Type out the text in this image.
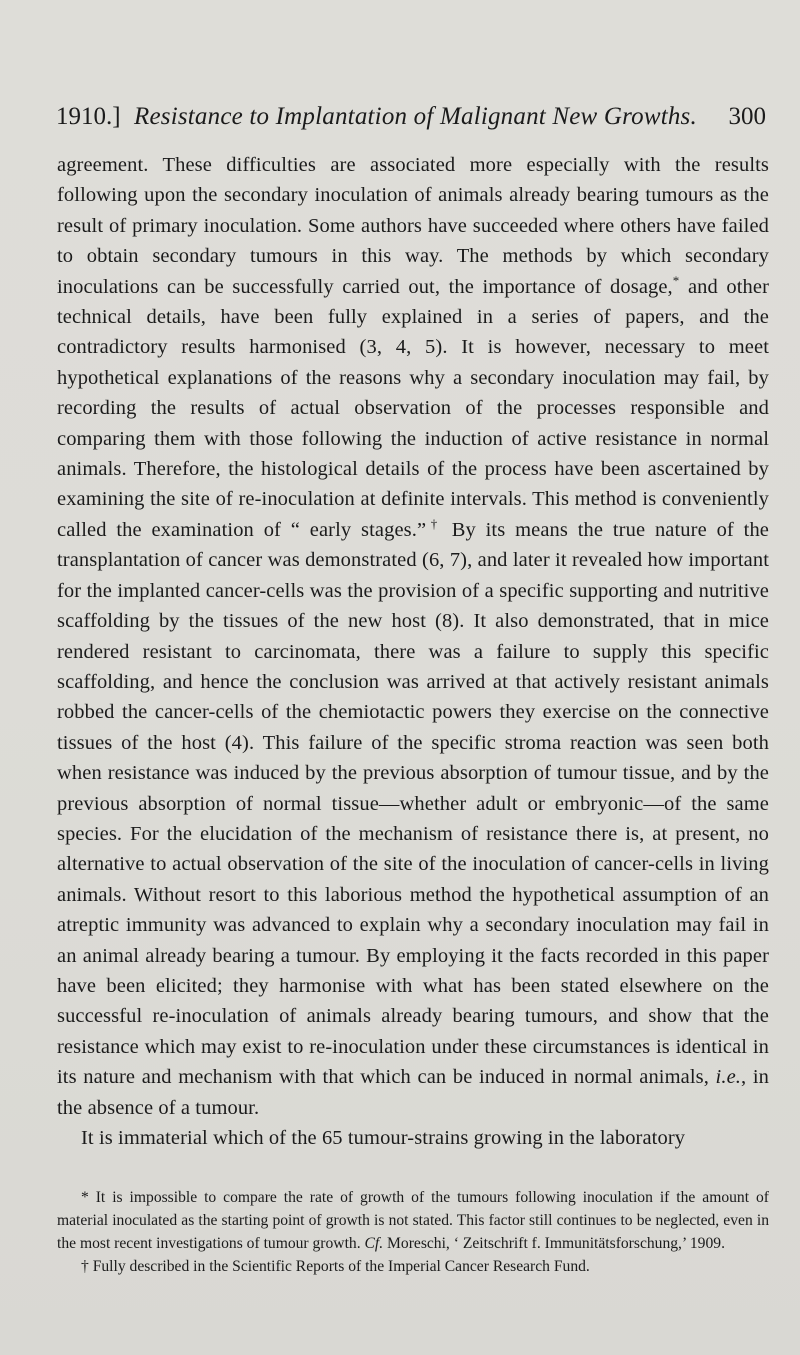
1910.] Resistance to Implantation of Malignant New Growths. 300

agreement. These difficulties are associated more especially with the results following upon the secondary inoculation of animals already bearing tumours as the result of primary inoculation. Some authors have succeeded where others have failed to obtain secondary tumours in this way. The methods by which secondary inoculations can be successfully carried out, the importance of dosage,* and other technical details, have been fully explained in a series of papers, and the contradictory results harmonised (3, 4, 5). It is however, necessary to meet hypothetical explanations of the reasons why a secondary inoculation may fail, by recording the results of actual observation of the processes responsible and comparing them with those following the induction of active resistance in normal animals. Therefore, the histological details of the process have been ascertained by examining the site of re-inoculation at definite intervals. This method is conveniently called the examination of “ early stages.”† By its means the true nature of the transplantation of cancer was demonstrated (6, 7), and later it revealed how important for the implanted cancer-cells was the provision of a specific supporting and nutritive scaffolding by the tissues of the new host (8). It also demonstrated, that in mice rendered resistant to carcinomata, there was a failure to supply this specific scaffolding, and hence the conclusion was arrived at that actively resistant animals robbed the cancer-cells of the chemiotactic powers they exercise on the connective tissues of the host (4). This failure of the specific stroma reaction was seen both when resistance was induced by the previous absorption of tumour tissue, and by the previous absorption of normal tissue—whether adult or embryonic—of the same species. For the elucidation of the mechanism of resistance there is, at present, no alternative to actual observation of the site of the inoculation of cancer-cells in living animals. Without resort to this laborious method the hypothetical assumption of an atreptic immunity was advanced to explain why a secondary inoculation may fail in an animal already bearing a tumour. By employing it the facts recorded in this paper have been elicited; they harmonise with what has been stated elsewhere on the successful re-inoculation of animals already bearing tumours, and show that the resistance which may exist to re-inoculation under these circumstances is identical in its nature and mechanism with that which can be induced in normal animals, i.e., in the absence of a tumour.

It is immaterial which of the 65 tumour-strains growing in the laboratory

* It is impossible to compare the rate of growth of the tumours following inoculation if the amount of material inoculated as the starting point of growth is not stated. This factor still continues to be neglected, even in the most recent investigations of tumour growth. Cf. Moreschi, ‘ Zeitschrift f. Immunitätsforschung,’ 1909.

† Fully described in the Scientific Reports of the Imperial Cancer Research Fund.
